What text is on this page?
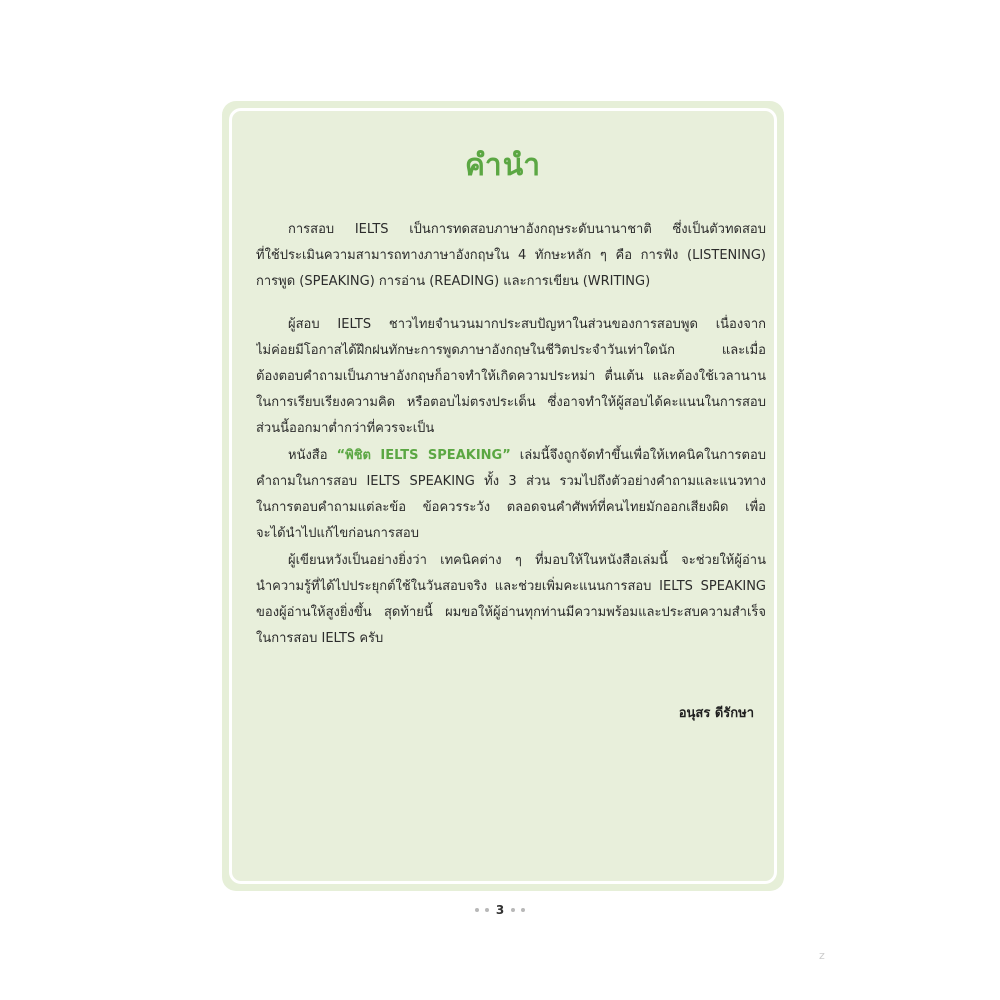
คำนำ
การสอบ IELTS เป็นการทดสอบภาษาอังกฤษระดับนานาชาติ ซึ่งเป็นตัวทดสอบ
ที่ใช้ประเมินความสามารถทางภาษาอังกฤษใน 4 ทักษะหลัก ๆ คือ การฟัง (LISTENING)
การพูด (SPEAKING) การอ่าน (READING) และการเขียน (WRITING)
ผู้สอบ IELTS ชาวไทยจำนวนมากประสบปัญหาในส่วนของการสอบพูด เนื่องจาก
ไม่ค่อยมีโอกาสได้ฝึกฝนทักษะการพูดภาษาอังกฤษในชีวิตประจำวันเท่าใดนัก และเมื่อ
ต้องตอบคำถามเป็นภาษาอังกฤษก็อาจทำให้เกิดความประหม่า ตื่นเต้น และต้องใช้เวลานาน
ในการเรียบเรียงความคิด หรือตอบไม่ตรงประเด็น ซึ่งอาจทำให้ผู้สอบได้คะแนนในการสอบ
ส่วนนี้ออกมาต่ำกว่าที่ควรจะเป็น
หนังสือ “พิชิต IELTS SPEAKING” เล่มนี้จึงถูกจัดทำขึ้นเพื่อให้เทคนิคในการตอบ
คำถามในการสอบ IELTS SPEAKING ทั้ง 3 ส่วน รวมไปถึงตัวอย่างคำถามและแนวทาง
ในการตอบคำถามแต่ละข้อ ข้อควรระวัง ตลอดจนคำศัพท์ที่คนไทยมักออกเสียงผิด เพื่อ
จะได้นำไปแก้ไขก่อนการสอบ
ผู้เขียนหวังเป็นอย่างยิ่งว่า เทคนิคต่าง ๆ ที่มอบให้ในหนังสือเล่มนี้ จะช่วยให้ผู้อ่าน
นำความรู้ที่ได้ไปประยุกต์ใช้ในวันสอบจริง และช่วยเพิ่มคะแนนการสอบ IELTS SPEAKING
ของผู้อ่านให้สูงยิ่งขึ้น สุดท้ายนี้ ผมขอให้ผู้อ่านทุกท่านมีความพร้อมและประสบความสำเร็จ
ในการสอบ IELTS ครับ
อนุสร ดีรักษา
3
z
